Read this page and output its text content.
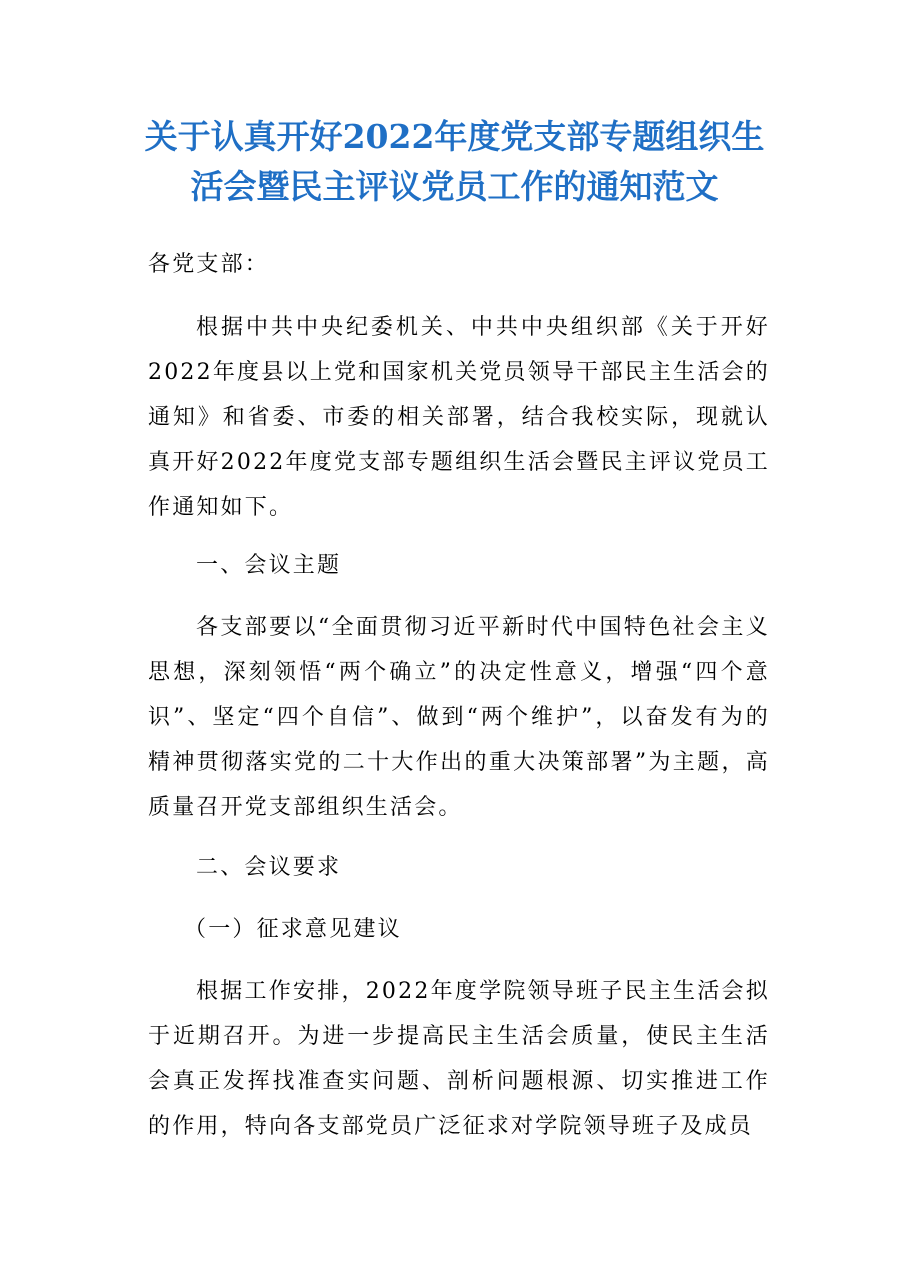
关于认真开好2022年度党支部专题组织生活会暨民主评议党员工作的通知范文

各党支部：

根据中共中央纪委机关、中共中央组织部《关于开好2022年度县以上党和国家机关党员领导干部民主生活会的通知》和省委、市委的相关部署，结合我校实际，现就认真开好2022年度党支部专题组织生活会暨民主评议党员工作通知如下。

一、会议主题

各支部要以“全面贯彻习近平新时代中国特色社会主义思想，深刻领悟“两个确立”的决定性意义，增强“四个意识”、坚定“四个自信”、做到“两个维护”，以奋发有为的精神贯彻落实党的二十大作出的重大决策部署”为主题，高质量召开党支部组织生活会。

二、会议要求

（一）征求意见建议

根据工作安排，2022年度学院领导班子民主生活会拟于近期召开。为进一步提高民主生活会质量，使民主生活会真正发挥找准查实问题、剖析问题根源、切实推进工作的作用，特向各支部党员广泛征求对学院领导班子及成员
